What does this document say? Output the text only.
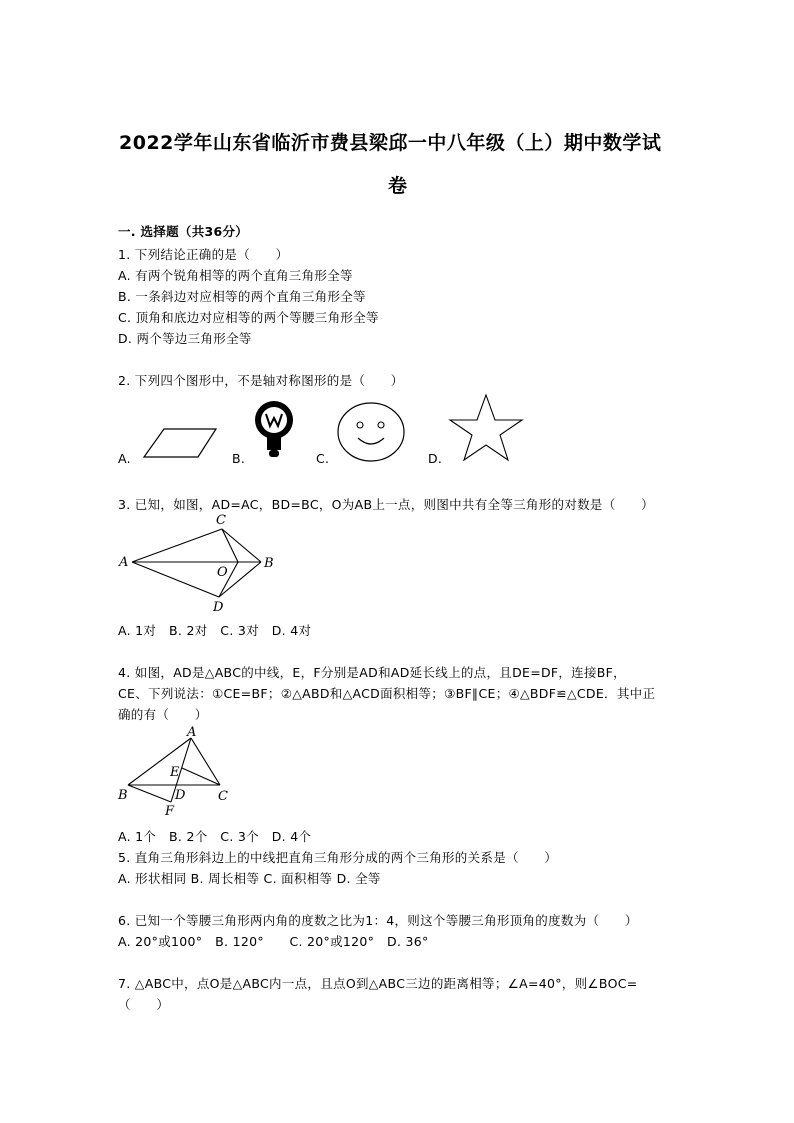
2022学年山东省临沂市费县梁邱一中八年级（上）期中数学试
卷
一. 选择题（共36分）
1. 下列结论正确的是（　　）
A. 有两个锐角相等的两个直角三角形全等
B. 一条斜边对应相等的两个直角三角形全等
C. 顶角和底边对应相等的两个等腰三角形全等
D. 两个等边三角形全等
2. 下列四个图形中，不是轴对称图形的是（　　）
A.	B.	C.	D.
3. 已知，如图，AD=AC，BD=BC，O为AB上一点，则图中共有全等三角形的对数是（　　）
A
C
B
O
D
A. 1对　B. 2对　C. 3对　D. 4对
4. 如图，AD是△ABC的中线，E，F分别是AD和AD延长线上的点，且DE=DF，连接BF，
CE、下列说法：①CE=BF；②△ABD和△ACD面积相等；③BF∥CE；④△BDF≌△CDE．其中正
确的有（　　）
A
E
B	D	C
F
A. 1个　B. 2个　C. 3个　D. 4个
5. 直角三角形斜边上的中线把直角三角形分成的两个三角形的关系是（　　）
A. 形状相同 B. 周长相等 C. 面积相等 D. 全等
6. 已知一个等腰三角形两内角的度数之比为1：4，则这个等腰三角形顶角的度数为（　　）
A. 20°或100°　B. 120°　　C. 20°或120°　D. 36°
7. △ABC中，点O是△ABC内一点，且点O到△ABC三边的距离相等；∠A=40°，则∠BOC=
（　　）
